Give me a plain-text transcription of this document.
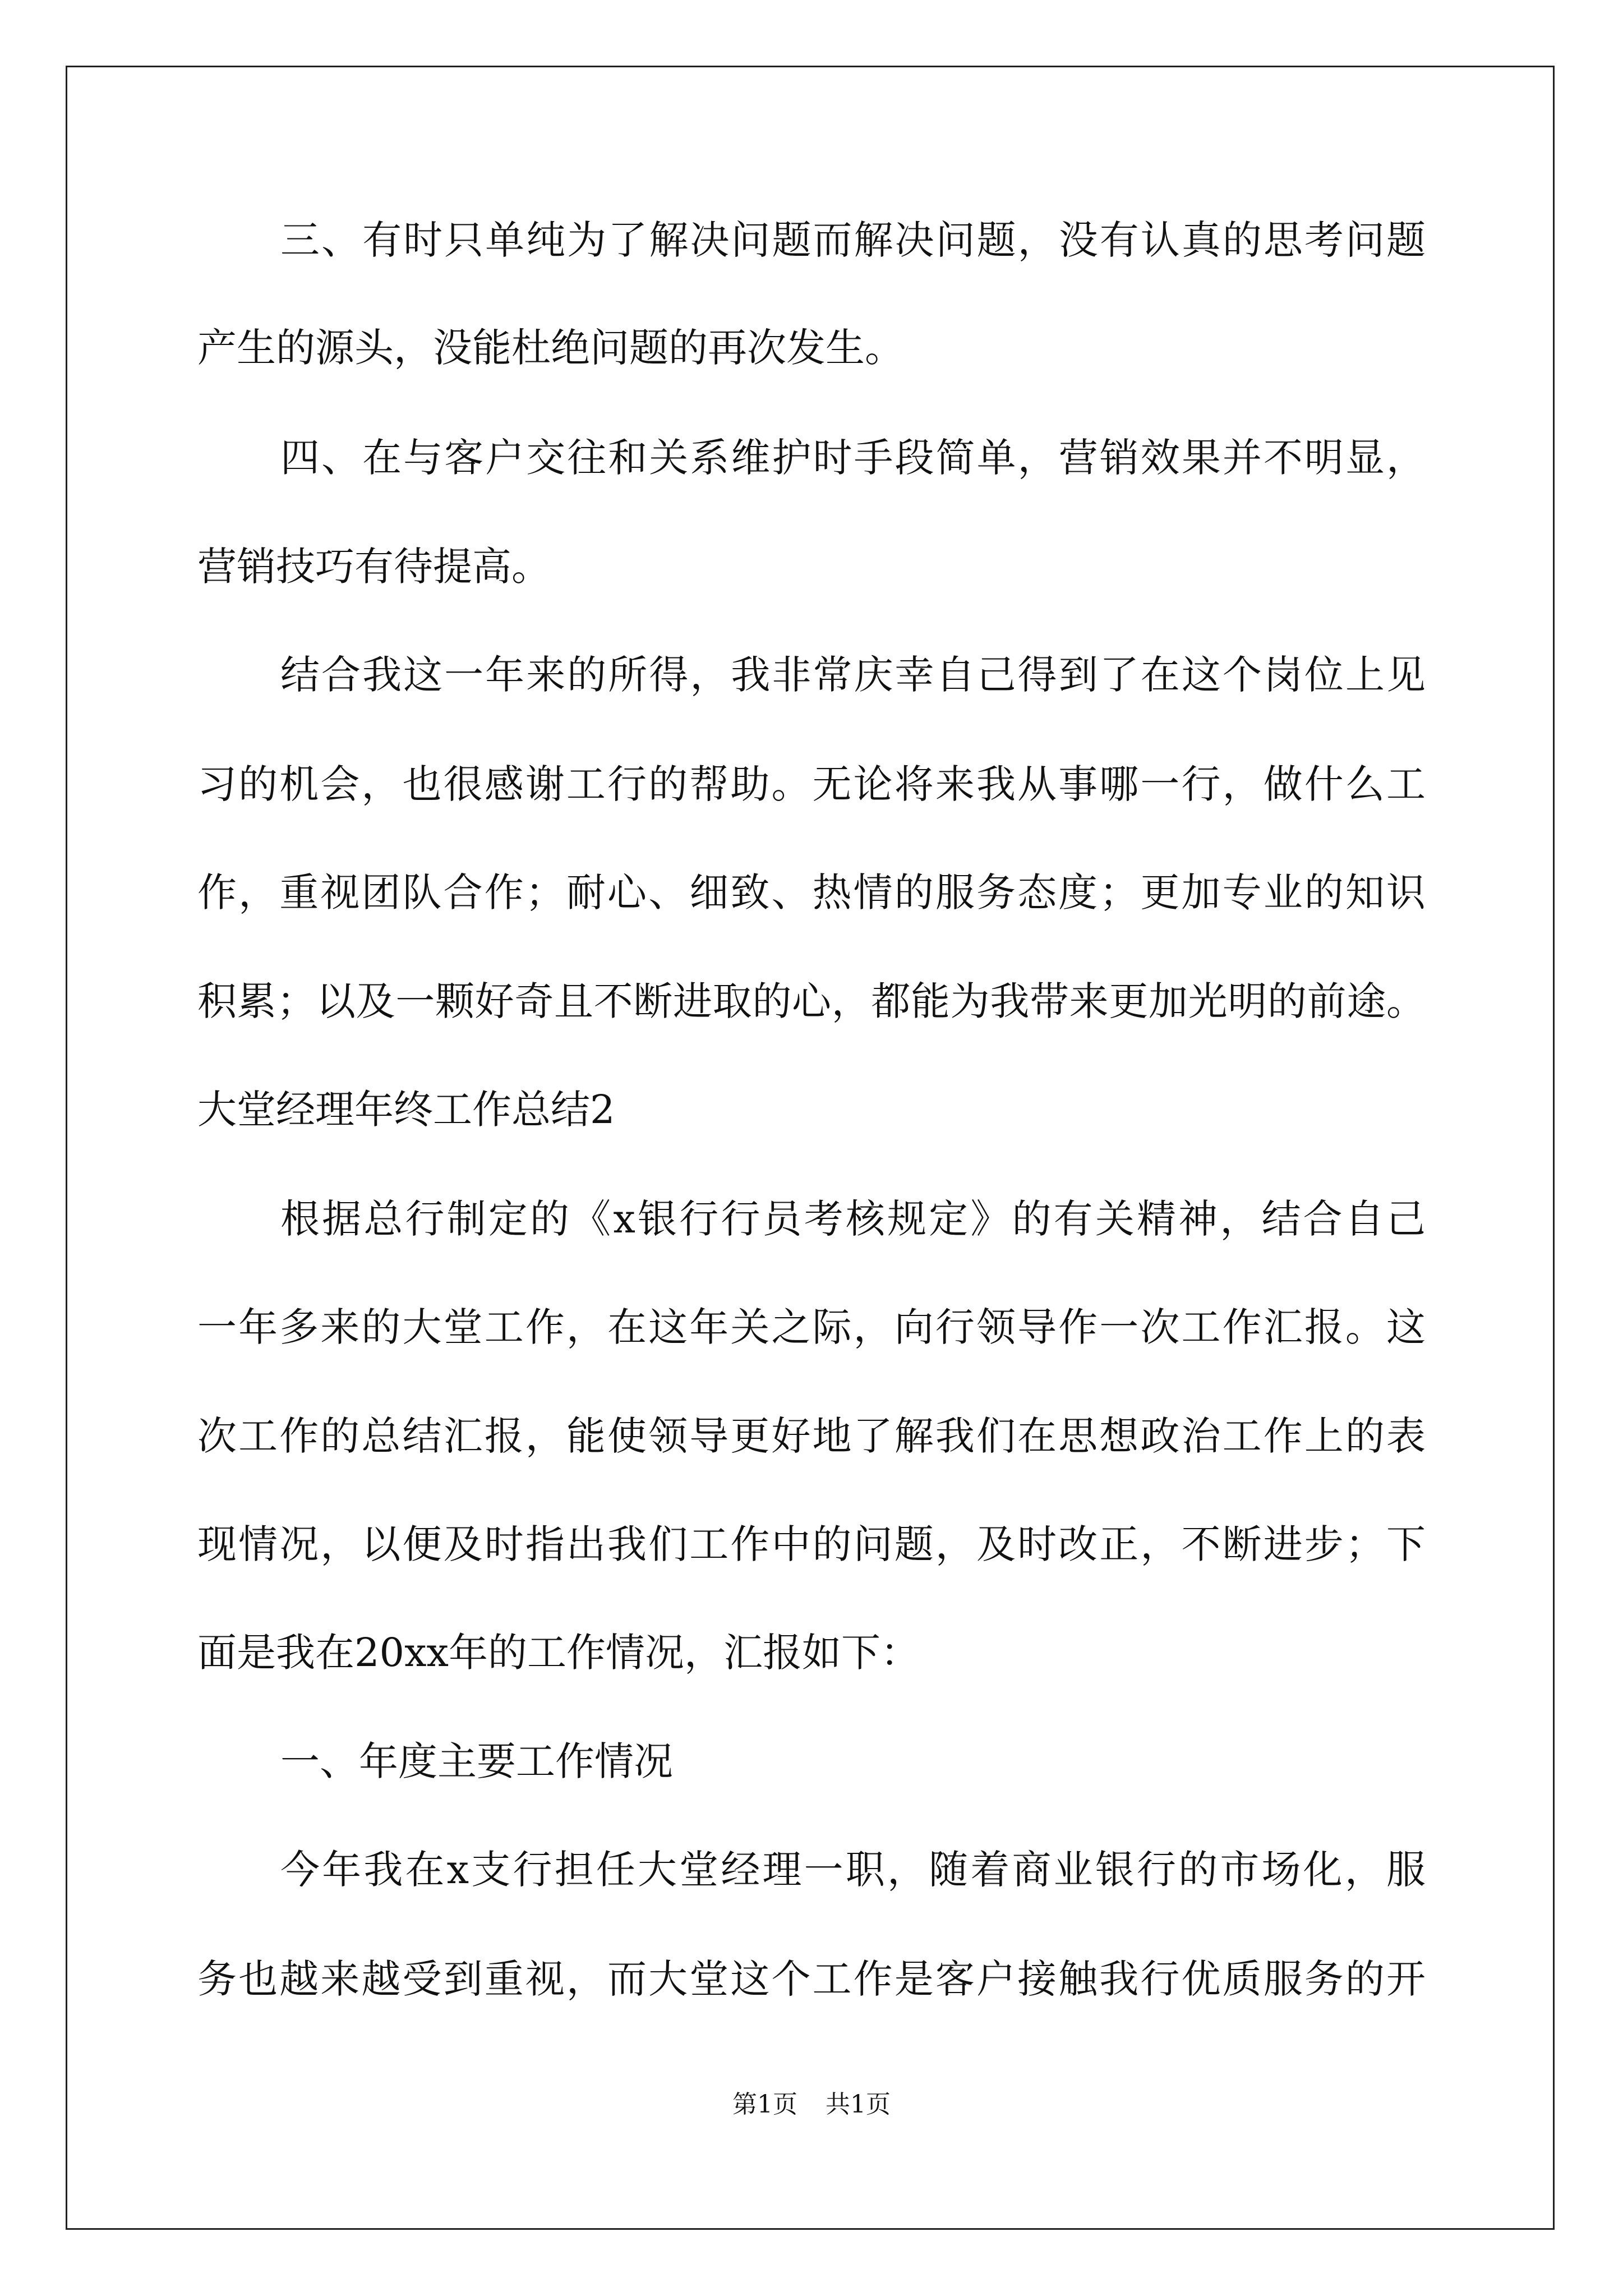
三、有时只单纯为了解决问题而解决问题，没有认真的思考问题
产生的源头，没能杜绝问题的再次发生。
四、在与客户交往和关系维护时手段简单，营销效果并不明显，
营销技巧有待提高。
结合我这一年来的所得，我非常庆幸自己得到了在这个岗位上见
习的机会，也很感谢工行的帮助。无论将来我从事哪一行，做什么工
作，重视团队合作；耐心、细致、热情的服务态度；更加专业的知识
积累；以及一颗好奇且不断进取的心，都能为我带来更加光明的前途。
大堂经理年终工作总结2
根据总行制定的《x银行行员考核规定》的有关精神，结合自己
一年多来的大堂工作，在这年关之际，向行领导作一次工作汇报。这
次工作的总结汇报，能使领导更好地了解我们在思想政治工作上的表
现情况，以便及时指出我们工作中的问题，及时改正，不断进步；下
面是我在20xx年的工作情况，汇报如下：
一、年度主要工作情况
今年我在x支行担任大堂经理一职，随着商业银行的市场化，服
务也越来越受到重视，而大堂这个工作是客户接触我行优质服务的开
第1页 共1页
